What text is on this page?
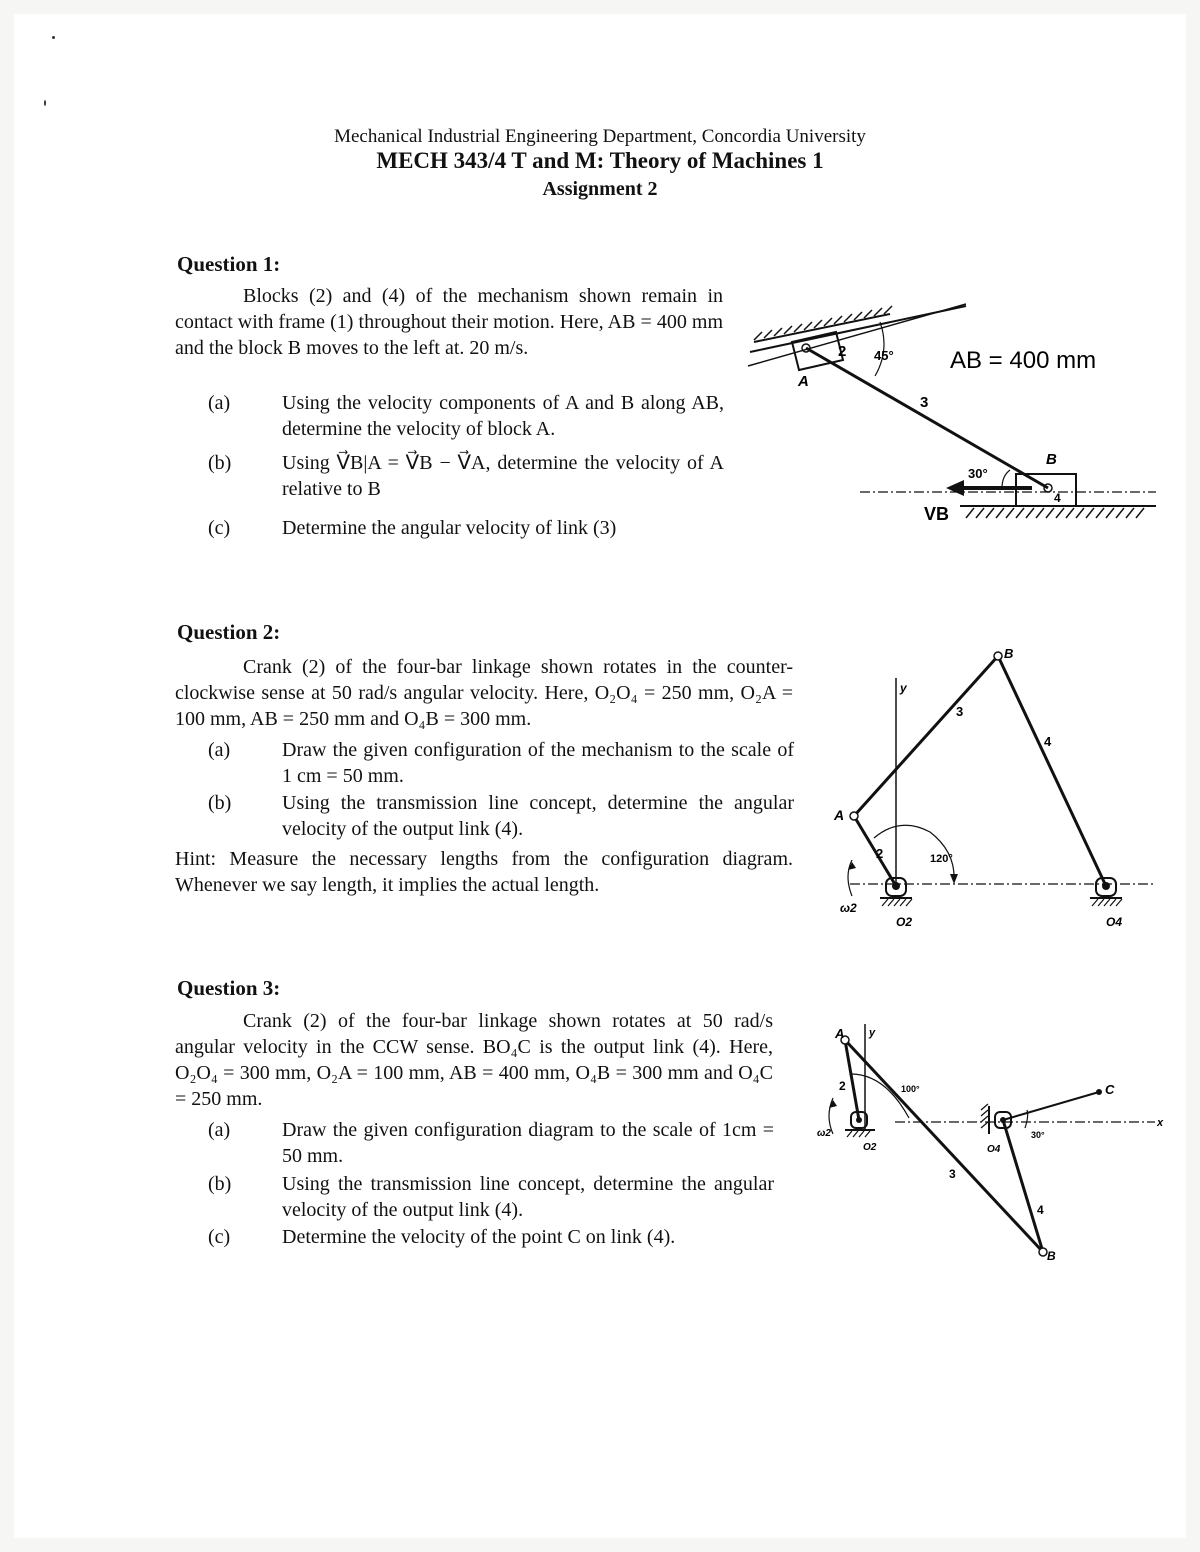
Mechanical Industrial Engineering Department, Concordia University
MECH 343/4 T and M: Theory of Machines 1
Assignment 2
Question 1:
Blocks (2) and (4) of the mechanism shown remain in contact with frame (1) throughout their motion. Here, AB = 400 mm and the block B moves to the left at. 20 m/s.
(a)	Using the velocity components of A and B along AB, determine the velocity of block A.
(b)	Using V⃗B|A = V⃗B − V⃗A, determine the velocity of A relative to B
(c)	Determine the angular velocity of link (3)
AB = 400 mm
45°
2
A
3
30°
B
4
VB
Question 2:
Crank (2) of the four-bar linkage shown rotates in the counter-clockwise sense at 50 rad/s angular velocity. Here, O₂O₄ = 250 mm, O₂A = 100 mm, AB = 250 mm and O₄B = 300 mm.
(a)	Draw the given configuration of the mechanism to the scale of 1 cm = 50 mm.
(b)	Using the transmission line concept, determine the angular velocity of the output link (4).
Hint: Measure the necessary lengths from the configuration diagram. Whenever we say length, it implies the actual length.
y
A
B
2
3
4
120°
ω2
O2	O4
Question 3:
Crank (2) of the four-bar linkage shown rotates at 50 rad/s angular velocity in the CCW sense. BO₄C is the output link (4). Here, O₂O₄ = 300 mm, O₂A = 100 mm, AB = 400 mm, O₄B = 300 mm and O₄C = 250 mm.
(a)	Draw the given configuration diagram to the scale of 1cm = 50 mm.
(b)	Using the transmission line concept, determine the angular velocity of the output link (4).
(c)	Determine the velocity of the point C on link (4).
y
x
A
B
C
2
3
4
100°
30°
ω2
O2	O4
